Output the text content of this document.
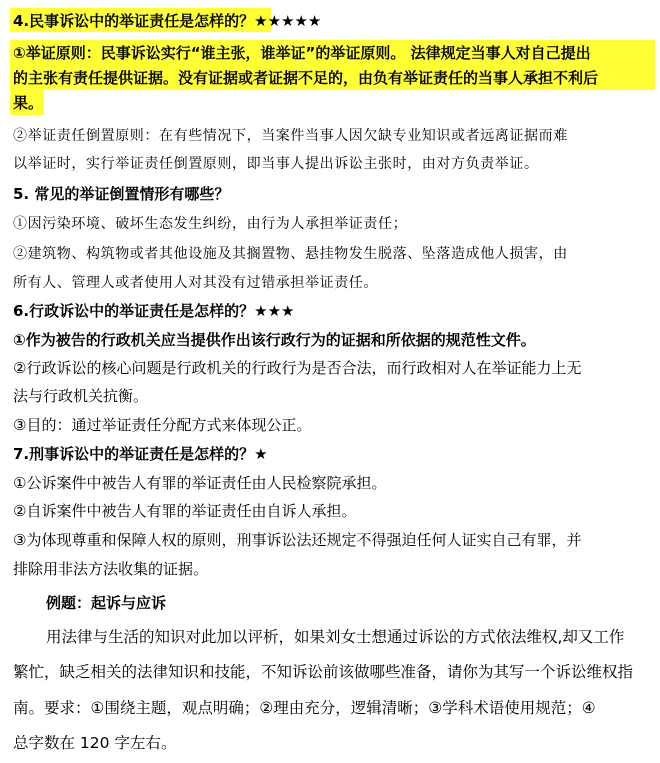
4.民事诉讼中的举证责任是怎样的？★★★★★
①举证原则：民事诉讼实行“谁主张，谁举证”的举证原则。 法律规定当事人对自己提出
的主张有责任提供证据。没有证据或者证据不足的，由负有举证责任的当事人承担不利后
果。
②举证责任倒置原则：在有些情况下，当案件当事人因欠缺专业知识或者远离证据而难
以举证时，实行举证责任倒置原则，即当事人提出诉讼主张时，由对方负责举证。
5. 常见的举证倒置情形有哪些？
①因污染环境、破坏生态发生纠纷，由行为人承担举证责任；
②建筑物、构筑物或者其他设施及其搁置物、悬挂物发生脱落、坠落造成他人损害，由
所有人、管理人或者使用人对其没有过错承担举证责任。
6.行政诉讼中的举证责任是怎样的？★★★
①作为被告的行政机关应当提供作出该行政行为的证据和所依据的规范性文件。
②行政诉讼的核心问题是行政机关的行政行为是否合法，而行政相对人在举证能力上无
法与行政机关抗衡。
③目的：通过举证责任分配方式来体现公正。
7.刑事诉讼中的举证责任是怎样的？★
①公诉案件中被告人有罪的举证责任由人民检察院承担。
②自诉案件中被告人有罪的举证责任由自诉人承担。
③为体现尊重和保障人权的原则，刑事诉讼法还规定不得强迫任何人证实自己有罪，并
排除用非法方法收集的证据。
例题：起诉与应诉
用法律与生活的知识对此加以评析，如果刘女士想通过诉讼的方式依法维权,却又工作
繁忙，缺乏相关的法律知识和技能，不知诉讼前该做哪些准备，请你为其写一个诉讼维权指
南。要求：①围绕主题，观点明确；②理由充分，逻辑清晰；③学科术语使用规范；④
总字数在 120 字左右。
